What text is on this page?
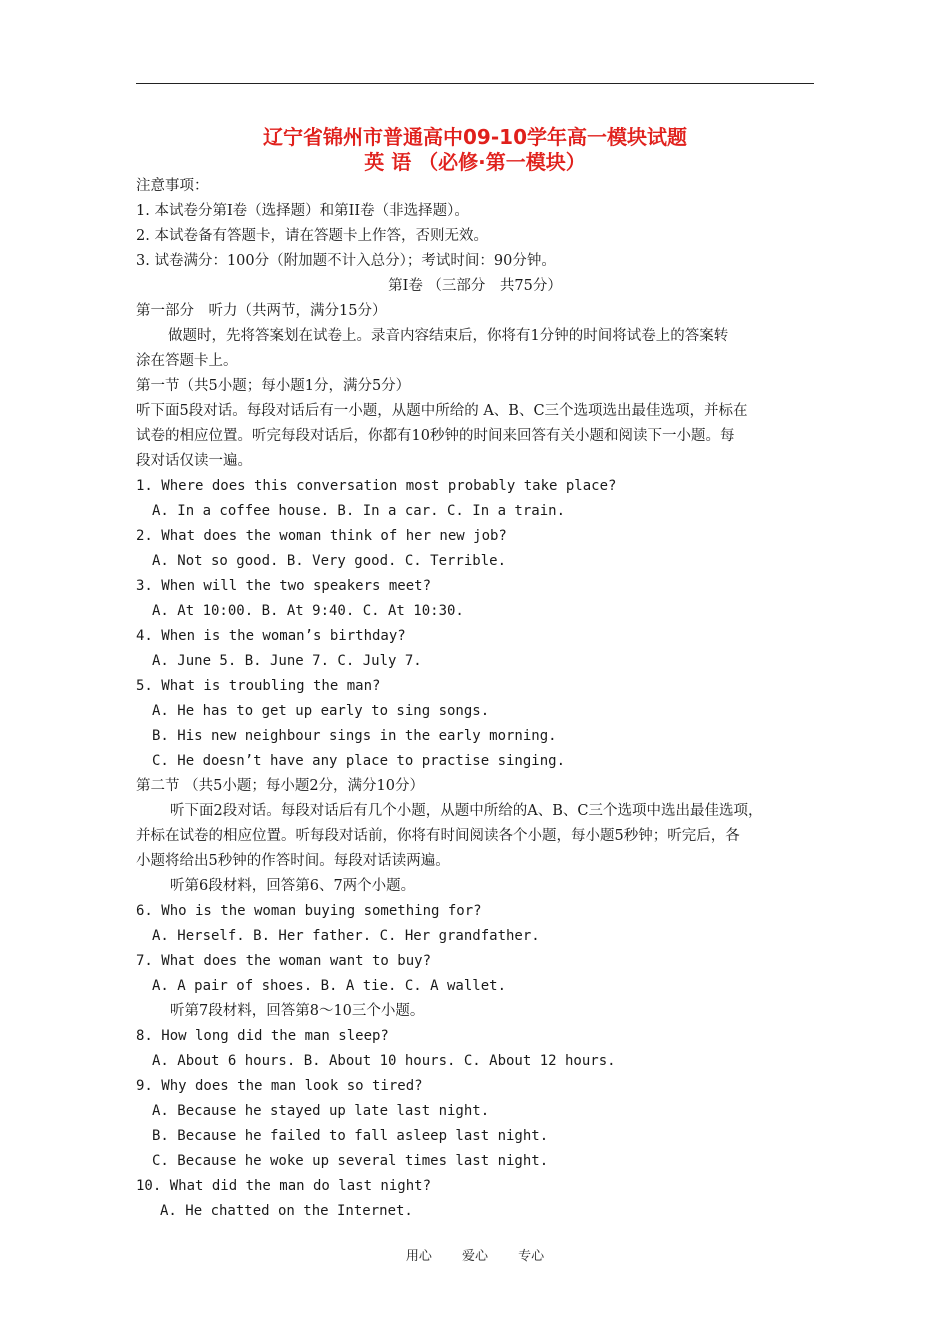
辽宁省锦州市普通高中09-10学年高一模块试题
英 语 （必修·第一模块）
注意事项：
1. 本试卷分第I卷（选择题）和第II卷（非选择题）。
2. 本试卷备有答题卡，请在答题卡上作答，否则无效。
3. 试卷满分：100分（附加题不计入总分）；考试时间：90分钟。
第I卷 （三部分　共75分）
第一部分　听力（共两节，满分15分）
做题时，先将答案划在试卷上。录音内容结束后，你将有1分钟的时间将试卷上的答案转
涂在答题卡上。
第一节（共5小题；每小题1分，满分5分）
听下面5段对话。每段对话后有一小题，从题中所给的 A、B、C三个选项选出最佳选项，并标在
试卷的相应位置。听完每段对话后，你都有10秒钟的时间来回答有关小题和阅读下一小题。每
段对话仅读一遍。
1. Where does this conversation most probably take place?
A. In a coffee house. B. In a car. C. In a train.
2. What does the woman think of her new job?
A. Not so good. B. Very good. C. Terrible.
3. When will the two speakers meet?
A. At 10:00. B. At 9:40. C. At 10:30.
4. When is the woman’s birthday?
A. June 5. B. June 7. C. July 7.
5. What is troubling the man?
A. He has to get up early to sing songs.
B. His new neighbour sings in the early morning.
C. He doesn’t have any place to practise singing.
第二节 （共5小题；每小题2分，满分10分）
听下面2段对话。每段对话后有几个小题，从题中所给的A、B、C三个选项中选出最佳选项，
并标在试卷的相应位置。听每段对话前，你将有时间阅读各个小题，每小题5秒钟；听完后，各
小题将给出5秒钟的作答时间。每段对话读两遍。
听第6段材料，回答第6、7两个小题。
6. Who is the woman buying something for?
A. Herself. B. Her father. C. Her grandfather.
7. What does the woman want to buy?
A. A pair of shoes. B. A tie. C. A wallet.
听第7段材料，回答第8～10三个小题。
8. How long did the man sleep?
A. About 6 hours. B. About 10 hours. C. About 12 hours.
9. Why does the man look so tired?
A. Because he stayed up late last night.
B. Because he failed to fall asleep last night.
C. Because he woke up several times last night.
10. What did the man do last night?
A. He chatted on the Internet.
用心 爱心 专心
